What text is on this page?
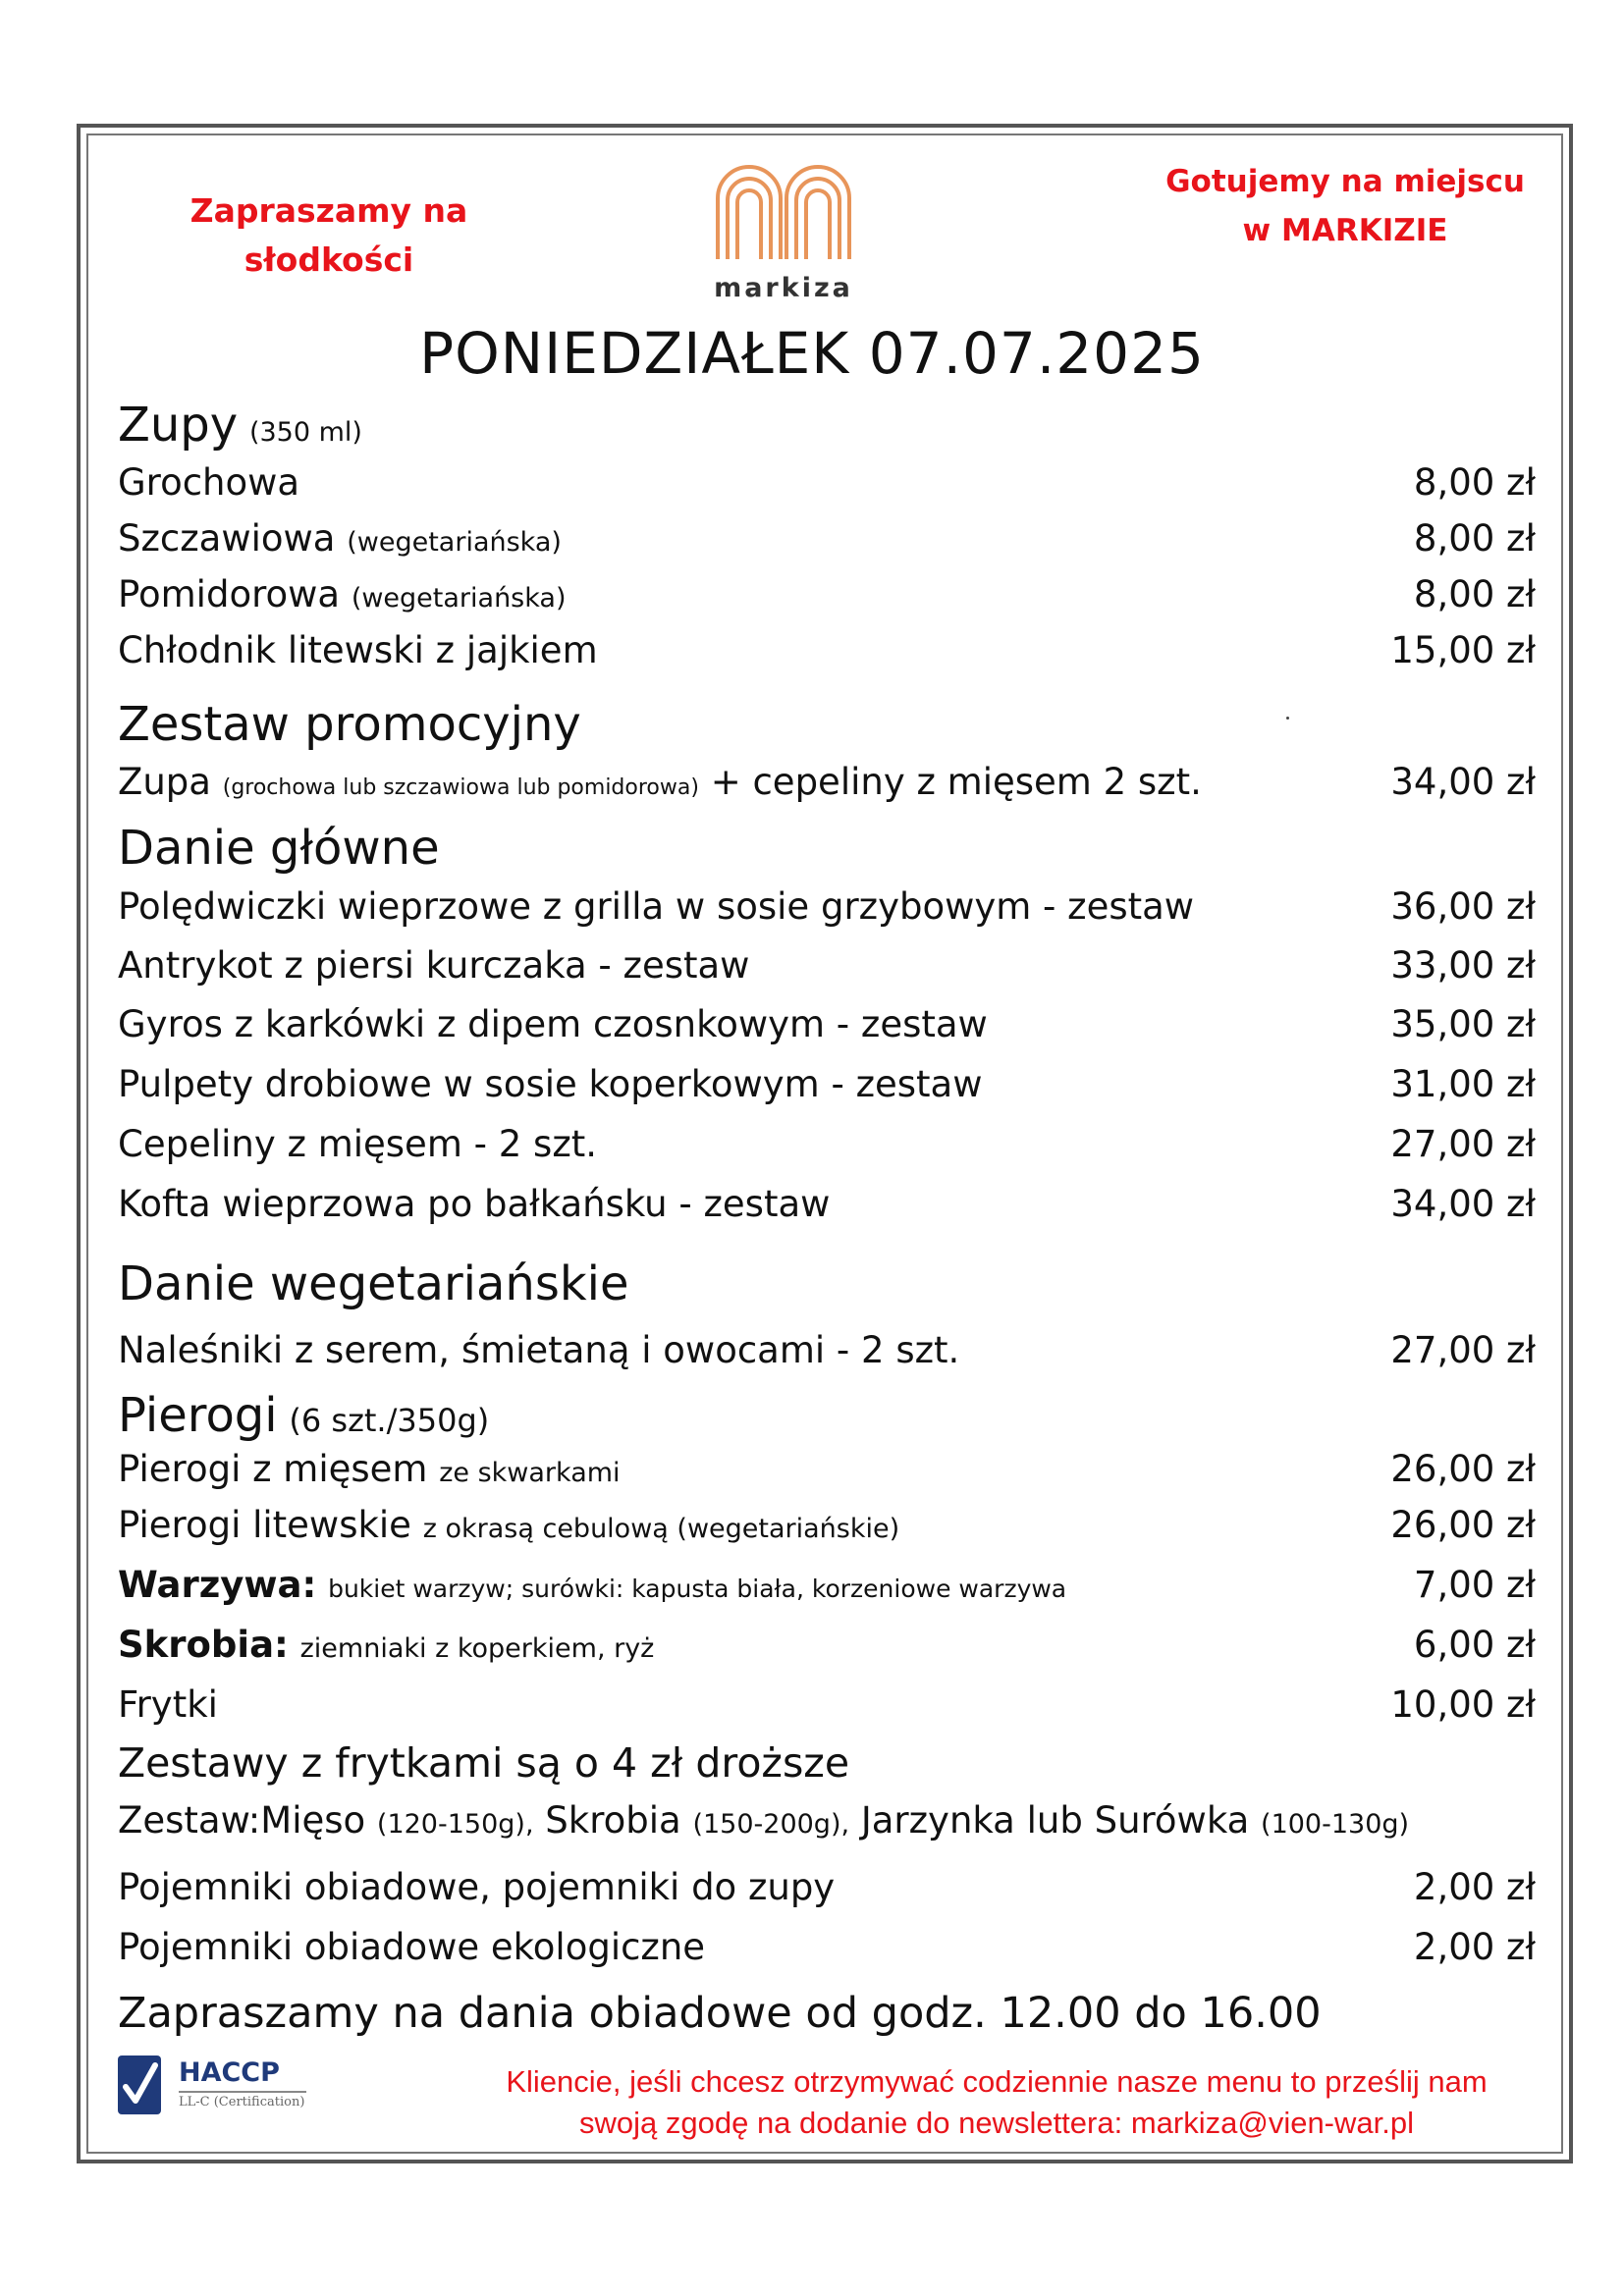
Zapraszamy na
słodkości
markiza
Gotujemy na miejscu
w MARKIZIE
PONIEDZIAŁEK 07.07.2025
Zupy (350 ml)
Grochowa	8,00 zł
Szczawiowa (wegetariańska)	8,00 zł
Pomidorowa (wegetariańska)	8,00 zł
Chłodnik litewski z jajkiem	15,00 zł
Zestaw promocyjny
Zupa (grochowa lub szczawiowa lub pomidorowa) + cepeliny z mięsem 2 szt.	34,00 zł
Danie główne
Polędwiczki wieprzowe z grilla w sosie grzybowym - zestaw	36,00 zł
Antrykot z piersi kurczaka - zestaw	33,00 zł
Gyros z karkówki z dipem czosnkowym - zestaw	35,00 zł
Pulpety drobiowe w sosie koperkowym - zestaw	31,00 zł
Cepeliny z mięsem - 2 szt.	27,00 zł
Kofta wieprzowa po bałkańsku - zestaw	34,00 zł
Danie wegetariańskie
Naleśniki z serem, śmietaną i owocami - 2 szt.	27,00 zł
Pierogi (6 szt./350g)
Pierogi z mięsem ze skwarkami	26,00 zł
Pierogi litewskie z okrasą cebulową (wegetariańskie)	26,00 zł
Warzywa: bukiet warzyw; surówki: kapusta biała, korzeniowe warzywa	7,00 zł
Skrobia: ziemniaki z koperkiem, ryż	6,00 zł
Frytki	10,00 zł
Zestawy z frytkami są o 4 zł droższe
Zestaw:Mięso (120-150g), Skrobia (150-200g), Jarzynka lub Surówka (100-130g)
Pojemniki obiadowe, pojemniki do zupy	2,00 zł
Pojemniki obiadowe ekologiczne	2,00 zł
Zapraszamy na dania obiadowe od godz. 12.00 do 16.00
HACCP
LL-C (Certification)
Kliencie, jeśli chcesz otrzymywać codziennie nasze menu to prześlij nam
swoją zgodę na dodanie do newslettera: markiza@vien-war.pl
